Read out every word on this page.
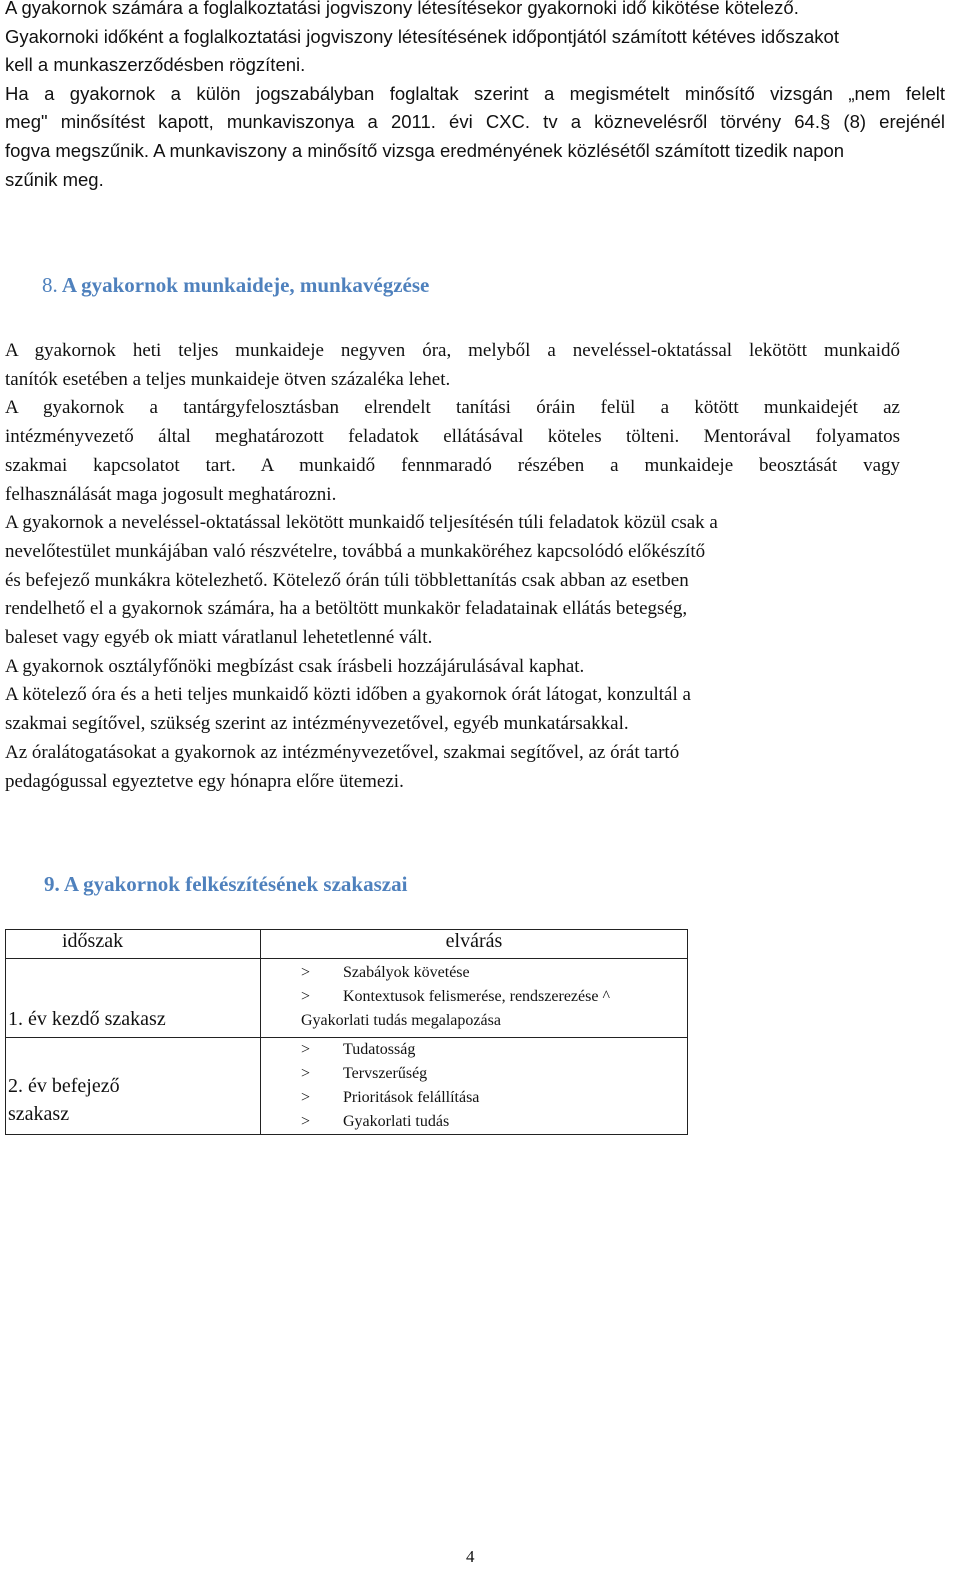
A gyakornok számára a foglalkoztatási jogviszony létesítésekor gyakornoki idő kikötése kötelező.
Gyakornoki időként a foglalkoztatási jogviszony létesítésének időpontjától számított kétéves időszakot
kell a munkaszerződésben rögzíteni.
Ha a gyakornok a külön jogszabályban foglaltak szerint a megismételt minősítő vizsgán „nem felelt
meg" minősítést kapott, munkaviszonya a 2011. évi CXC. tv a köznevelésről törvény 64.§ (8) erejénél
fogva megszűnik. A munkaviszony a minősítő vizsga eredményének közlésétől számított tizedik napon
szűnik meg.
8. A gyakornok munkaideje, munkavégzése
A gyakornok heti teljes munkaideje negyven óra, melyből a neveléssel-oktatással lekötött munkaidő
tanítók esetében a teljes munkaideje ötven százaléka lehet.
A gyakornok a tantárgyfelosztásban elrendelt tanítási óráin felül a kötött munkaidejét az
intézményvezető által meghatározott feladatok ellátásával köteles tölteni. Mentorával folyamatos
szakmai kapcsolatot tart. A munkaidő fennmaradó részében a munkaideje beosztását vagy
felhasználását maga jogosult meghatározni.
A gyakornok a neveléssel-oktatással lekötött munkaidő teljesítésén túli feladatok közül csak a
nevelőtestület munkájában való részvételre, továbbá a munkaköréhez kapcsolódó előkészítő
és befejező munkákra kötelezhető. Kötelező órán túli többlettanítás csak abban az esetben
rendelhető el a gyakornok számára, ha a betöltött munkakör feladatainak ellátás betegség,
baleset vagy egyéb ok miatt váratlanul lehetetlenné vált.
A gyakornok osztályfőnöki megbízást csak írásbeli hozzájárulásával kaphat.
A kötelező óra és a heti teljes munkaidő közti időben a gyakornok órát látogat, konzultál a
szakmai segítővel, szükség szerint az intézményvezetővel, egyéb munkatársakkal.
Az óralátogatásokat a gyakornok az intézményvezetővel, szakmai segítővel, az órát tartó
pedagógussal egyeztetve egy hónapra előre ütemezi.
9. A gyakornok felkészítésének szakaszai
időszak	elvárás

1. év kezdő szakasz	> Szabályok követése
> Kontextusok felismerése, rendszerezése ^
Gyakorlati tudás megalapozása

2. év befejező
szakasz	> Tudatosság
> Tervszerűség
> Prioritások felállítása
> Gyakorlati tudás
4
